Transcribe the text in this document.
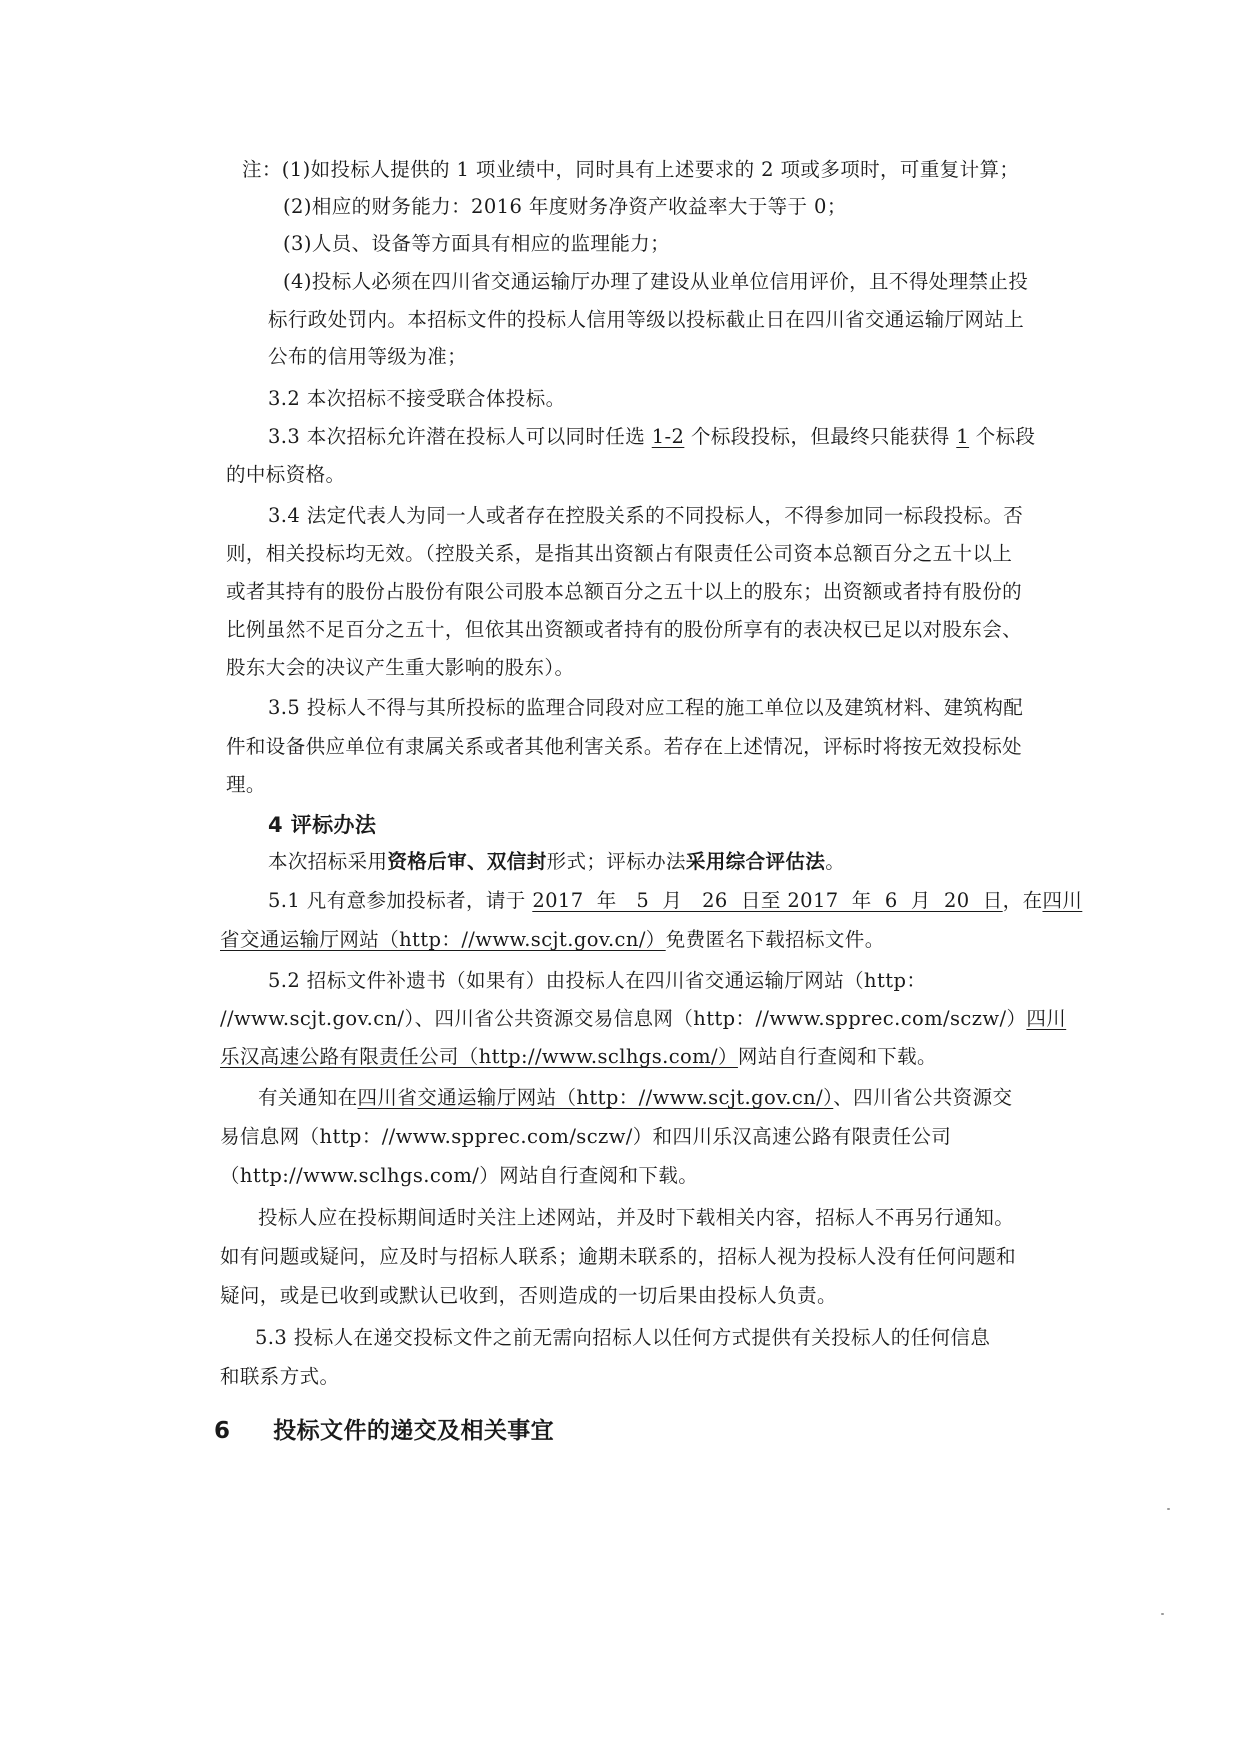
注：(1)如投标人提供的 1 项业绩中，同时具有上述要求的 2 项或多项时，可重复计算；
(2)相应的财务能力：2016 年度财务净资产收益率大于等于 0；
(3)人员、设备等方面具有相应的监理能力；
(4)投标人必须在四川省交通运输厅办理了建设从业单位信用评价，且不得处理禁止投
标行政处罚内。本招标文件的投标人信用等级以投标截止日在四川省交通运输厅网站上
公布的信用等级为准；
3.2 本次招标不接受联合体投标。
3.3 本次招标允许潜在投标人可以同时任选 1-2 个标段投标，但最终只能获得 1 个标段
的中标资格。
3.4 法定代表人为同一人或者存在控股关系的不同投标人，不得参加同一标段投标。否
则，相关投标均无效。（控股关系，是指其出资额占有限责任公司资本总额百分之五十以上
或者其持有的股份占股份有限公司股本总额百分之五十以上的股东；出资额或者持有股份的
比例虽然不足百分之五十，但依其出资额或者持有的股份所享有的表决权已足以对股东会、
股东大会的决议产生重大影响的股东）。
3.5 投标人不得与其所投标的监理合同段对应工程的施工单位以及建筑材料、建筑构配
件和设备供应单位有隶属关系或者其他利害关系。若存在上述情况，评标时将按无效投标处
理。
4 评标办法
本次招标采用资格后审、双信封形式；评标办法采用综合评估法。
5.1 凡有意参加投标者，请于 2017  年   5  月   26  日至 2017  年  6  月  20  日，在四川
省交通运输厅网站（http：//www.scjt.gov.cn/）免费匿名下载招标文件。
5.2 招标文件补遗书（如果有）由投标人在四川省交通运输厅网站（http：
//www.scjt.gov.cn/）、四川省公共资源交易信息网（http：//www.spprec.com/sczw/）四川
乐汉高速公路有限责任公司（http://www.sclhgs.com/）网站自行查阅和下载。
有关通知在四川省交通运输厅网站（http：//www.scjt.gov.cn/）、四川省公共资源交
易信息网（http：//www.spprec.com/sczw/）和四川乐汉高速公路有限责任公司
（http://www.sclhgs.com/）网站自行查阅和下载。
投标人应在投标期间适时关注上述网站，并及时下载相关内容，招标人不再另行通知。
如有问题或疑问，应及时与招标人联系；逾期未联系的，招标人视为投标人没有任何问题和
疑问，或是已收到或默认已收到，否则造成的一切后果由投标人负责。
5.3 投标人在递交投标文件之前无需向招标人以任何方式提供有关投标人的任何信息
和联系方式。
6 投标文件的递交及相关事宜
